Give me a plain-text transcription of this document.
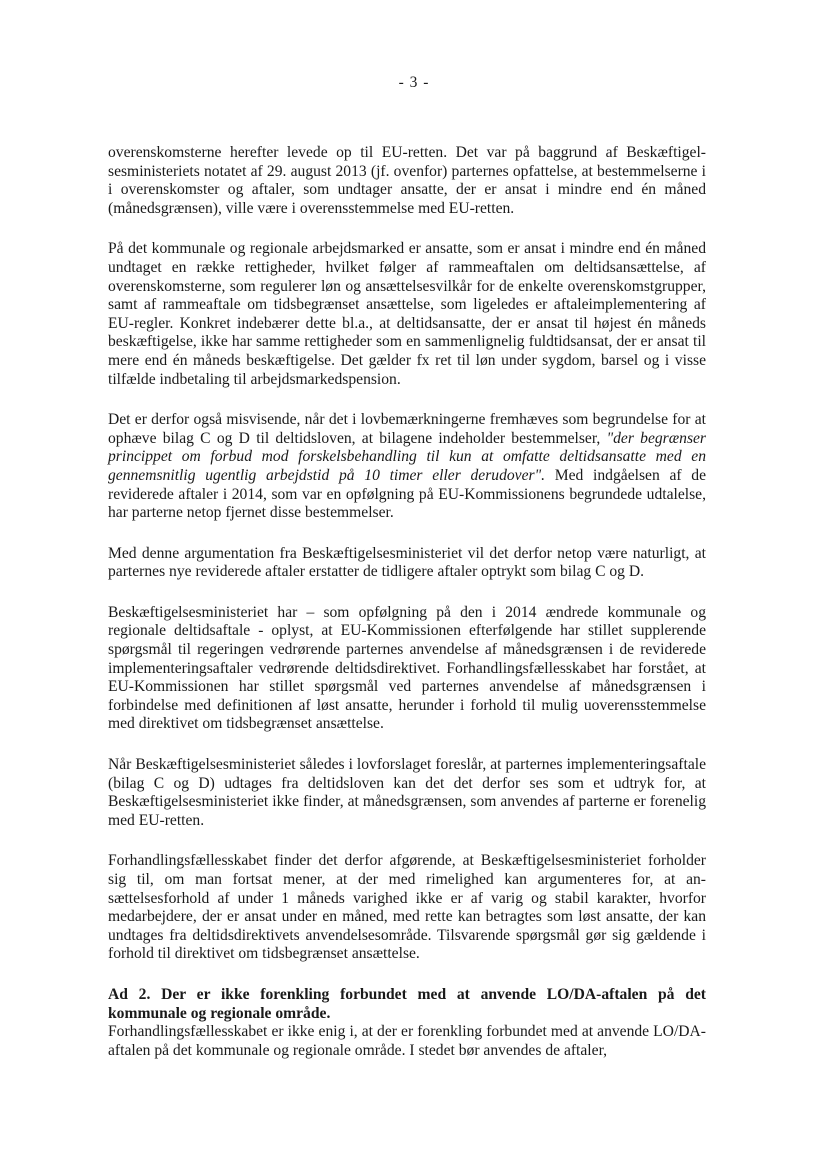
- 3 -

overenskomsterne herefter levede op til EU-retten. Det var på baggrund af Beskæftigelsesministeriets notatet af 29. august 2013 (jf. ovenfor) parternes opfattelse, at bestemmelserne i i overenskomster og aftaler, som undtager ansatte, der er ansat i mindre end én måned (månedsgrænsen), ville være i overensstemmelse med EU-retten.

På det kommunale og regionale arbejdsmarked er ansatte, som er ansat i mindre end én måned undtaget en række rettigheder, hvilket følger af rammeaftalen om deltidsansættelse, af overenskomsterne, som regulerer løn og ansættelsesvilkår for de enkelte overenskomstgrupper, samt af rammeaftale om tidsbegrænset ansættelse, som ligeledes er aftaleimplementering af EU-regler. Konkret indebærer dette bl.a., at deltidsansatte, der er ansat til højest én måneds beskæftigelse, ikke har samme rettigheder som en sammenlignelig fuldtidsansat, der er ansat til mere end én måneds beskæftigelse. Det gælder fx ret til løn under sygdom, barsel og i visse tilfælde indbetaling til arbejdsmarkedspension.

Det er derfor også misvisende, når det i lovbemærkningerne fremhæves som begrundelse for at ophæve bilag C og D til deltidsloven, at bilagene indeholder bestemmelser, "der begrænser princippet om forbud mod forskelsbehandling til kun at omfatte deltidsansatte med en gennemsnitlig ugentlig arbejdstid på 10 timer eller derudover". Med indgåelsen af de reviderede aftaler i 2014, som var en opfølgning på EU-Kommissionens begrundede udtalelse, har parterne netop fjernet disse bestemmelser.

Med denne argumentation fra Beskæftigelsesministeriet vil det derfor netop være naturligt, at parternes nye reviderede aftaler erstatter de tidligere aftaler optrykt som bilag C og D.

Beskæftigelsesministeriet har – som opfølgning på den i 2014 ændrede kommunale og regionale deltidsaftale - oplyst, at EU-Kommissionen efterfølgende har stillet supplerende spørgsmål til regeringen vedrørende parternes anvendelse af månedsgrænsen i de reviderede implementeringsaftaler vedrørende deltidsdirektivet. Forhandlingsfællesskabet har forstået, at EU-Kommissionen har stillet spørgsmål ved parternes anvendelse af månedsgrænsen i forbindelse med definitionen af løst ansatte, herunder i forhold til mulig uoverensstemmelse med direktivet om tidsbegrænset ansættelse.

Når Beskæftigelsesministeriet således i lovforslaget foreslår, at parternes implementeringsaftale (bilag C og D) udtages fra deltidsloven kan det det derfor ses som et udtryk for, at Beskæftigelsesministeriet ikke finder, at månedsgrænsen, som anvendes af parterne er forenelig med EU-retten.

Forhandlingsfællesskabet finder det derfor afgørende, at Beskæftigelsesministeriet forholder sig til, om man fortsat mener, at der med rimelighed kan argumenteres for, at ansættelsesforhold af under 1 måneds varighed ikke er af varig og stabil karakter, hvorfor medarbejdere, der er ansat under en måned, med rette kan betragtes som løst ansatte, der kan undtages fra deltidsdirektivets anvendelsesområde. Tilsvarende spørgsmål gør sig gældende i forhold til direktivet om tidsbegrænset ansættelse.

Ad 2. Der er ikke forenkling forbundet med at anvende LO/DA-aftalen på det kommunale og regionale område.

Forhandlingsfællesskabet er ikke enig i, at der er forenkling forbundet med at anvende LO/DA-aftalen på det kommunale og regionale område. I stedet bør anvendes de aftaler,
